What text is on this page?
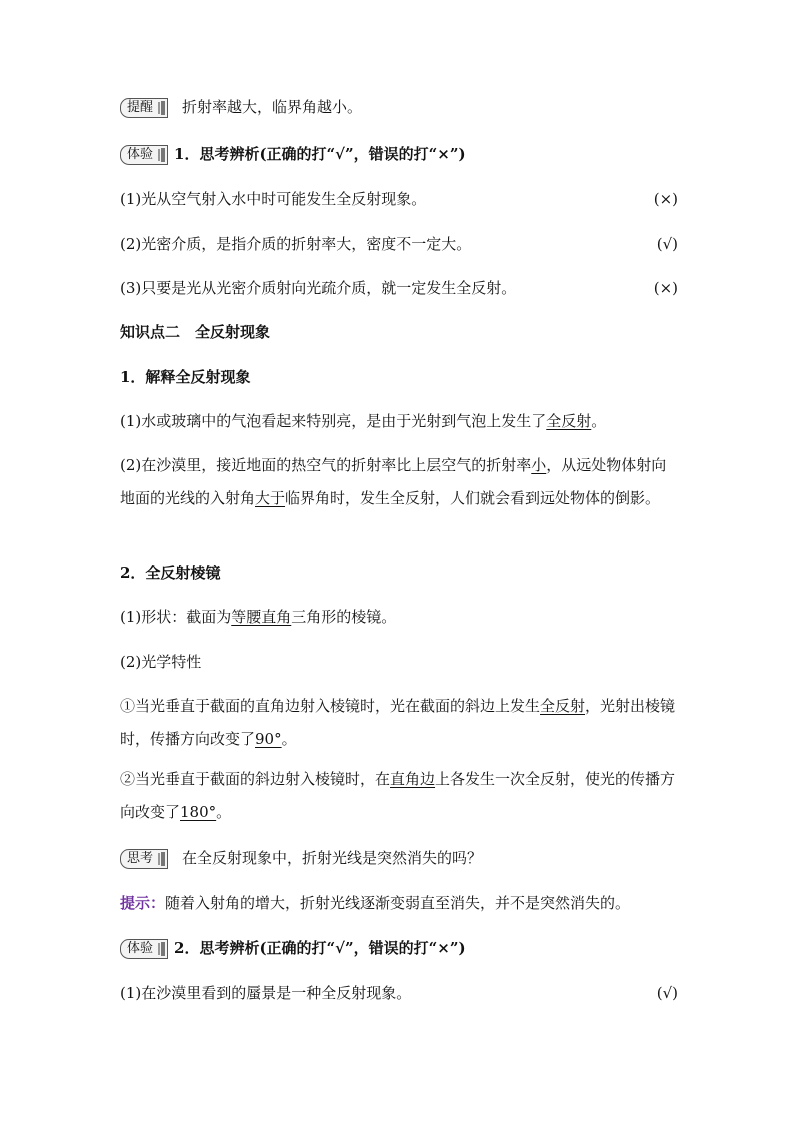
提醒 折射率越大，临界角越小。
体验 1．思考辨析(正确的打“√”，错误的打“×”)
(1)光从空气射入水中时可能发生全反射现象。	(×)
(2)光密介质，是指介质的折射率大，密度不一定大。	(√)
(3)只要是光从光密介质射向光疏介质，就一定发生全反射。	(×)
知识点二　全反射现象
1．解释全反射现象
(1)水或玻璃中的气泡看起来特别亮，是由于光射到气泡上发生了全反射。
(2)在沙漠里，接近地面的热空气的折射率比上层空气的折射率小，从远处物体射向地面的光线的入射角大于临界角时，发生全反射，人们就会看到远处物体的倒影。
2．全反射棱镜
(1)形状：截面为等腰直角三角形的棱镜。
(2)光学特性
①当光垂直于截面的直角边射入棱镜时，光在截面的斜边上发生全反射，光射出棱镜时，传播方向改变了90°。
②当光垂直于截面的斜边射入棱镜时，在直角边上各发生一次全反射，使光的传播方向改变了180°。
思考 在全反射现象中，折射光线是突然消失的吗？
提示：随着入射角的增大，折射光线逐渐变弱直至消失，并不是突然消失的。
体验 2．思考辨析(正确的打“√”，错误的打“×”)
(1)在沙漠里看到的蜃景是一种全反射现象。	(√)
